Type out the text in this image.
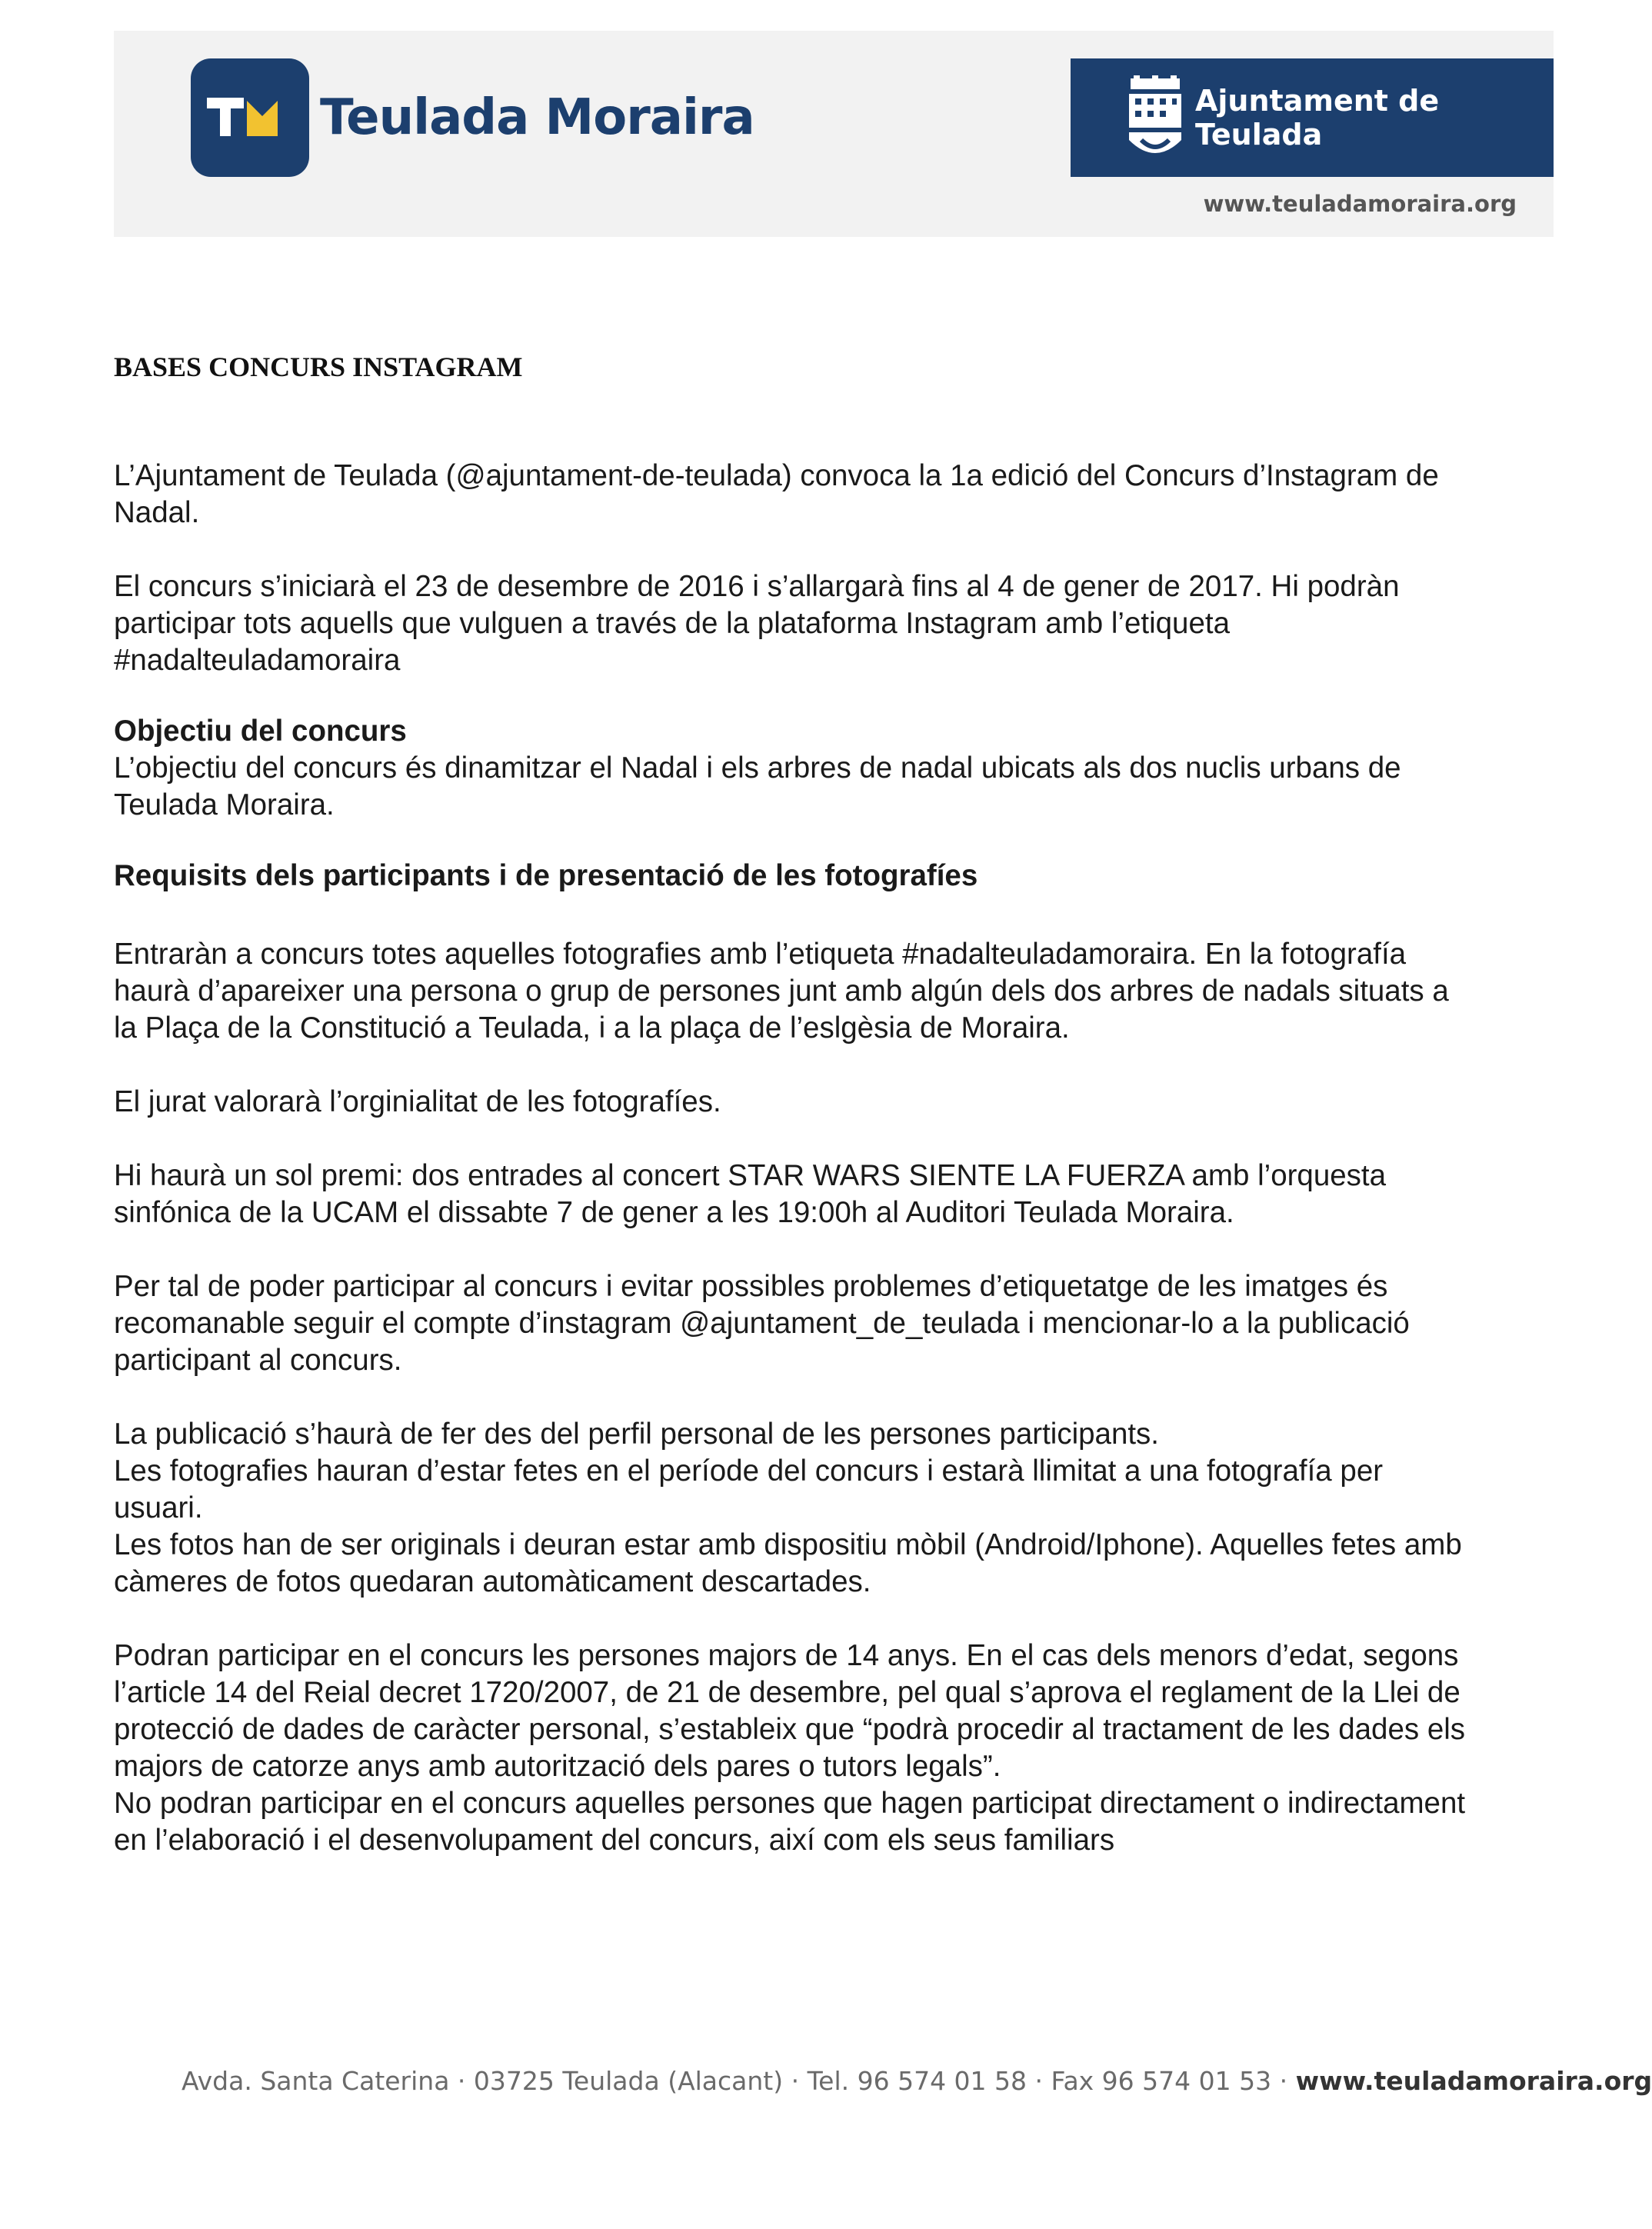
Teulada Moraira	Ajuntament de Teulada
www.teuladamoraira.org
BASES CONCURS INSTAGRAM

L’Ajuntament de Teulada (@ajuntament-de-teulada) convoca la 1a edició del Concurs d’Instagram de Nadal.

El concurs s’iniciarà el 23 de desembre de 2016 i s’allargarà fins al 4 de gener de 2017. Hi podràn participar tots aquells que vulguen a través de la plataforma Instagram amb l’etiqueta #nadalteuladamoraira

Objectiu del concurs

L’objectiu del concurs és dinamitzar el Nadal i els arbres de nadal ubicats als dos nuclis urbans de Teulada Moraira.

Requisits dels participants i de presentació de les fotografíes

Entraràn a concurs totes aquelles fotografies amb l’etiqueta #nadalteuladamoraira. En la fotografía haurà d’apareixer una persona o grup de persones junt amb algún dels dos arbres de nadals situats a la Plaça de la Constitució a Teulada, i a la plaça de l’eslgèsia de Moraira.

El jurat valorarà l’orginialitat de les fotografíes.

Hi haurà un sol premi: dos entrades al concert STAR WARS SIENTE LA FUERZA amb l’orquesta sinfónica de la UCAM el dissabte 7 de gener a les 19:00h al Auditori Teulada Moraira.

Per tal de poder participar al concurs i evitar possibles problemes d’etiquetatge de les imatges és recomanable seguir el compte d’instagram @ajuntament_de_teulada i mencionar-lo a la publicació participant al concurs.

La publicació s’haurà de fer des del perfil personal de les persones participants.

Les fotografies hauran d’estar fetes en el període del concurs i estarà llimitat a una fotografía per usuari.

Les fotos han de ser originals i deuran estar amb dispositiu mòbil (Android/Iphone). Aquelles fetes amb càmeres de fotos quedaran automàticament descartades.

Podran participar en el concurs les persones majors de 14 anys. En el cas dels menors d’edat, segons l’article 14 del Reial decret 1720/2007, de 21 de desembre, pel qual s’aprova el reglament de la Llei de protecció de dades de caràcter personal, s’estableix que “podrà procedir al tractament de les dades els majors de catorze anys amb autorització dels pares o tutors legals”.

No podran participar en el concurs aquelles persones que hagen participat directament o indirectament en l’elaboració i el desenvolupament del concurs, així com els seus familiars

Avda. Santa Caterina · 03725 Teulada (Alacant) · Tel. 96 574 01 58 · Fax 96 574 01 53 · www.teuladamoraira.org
